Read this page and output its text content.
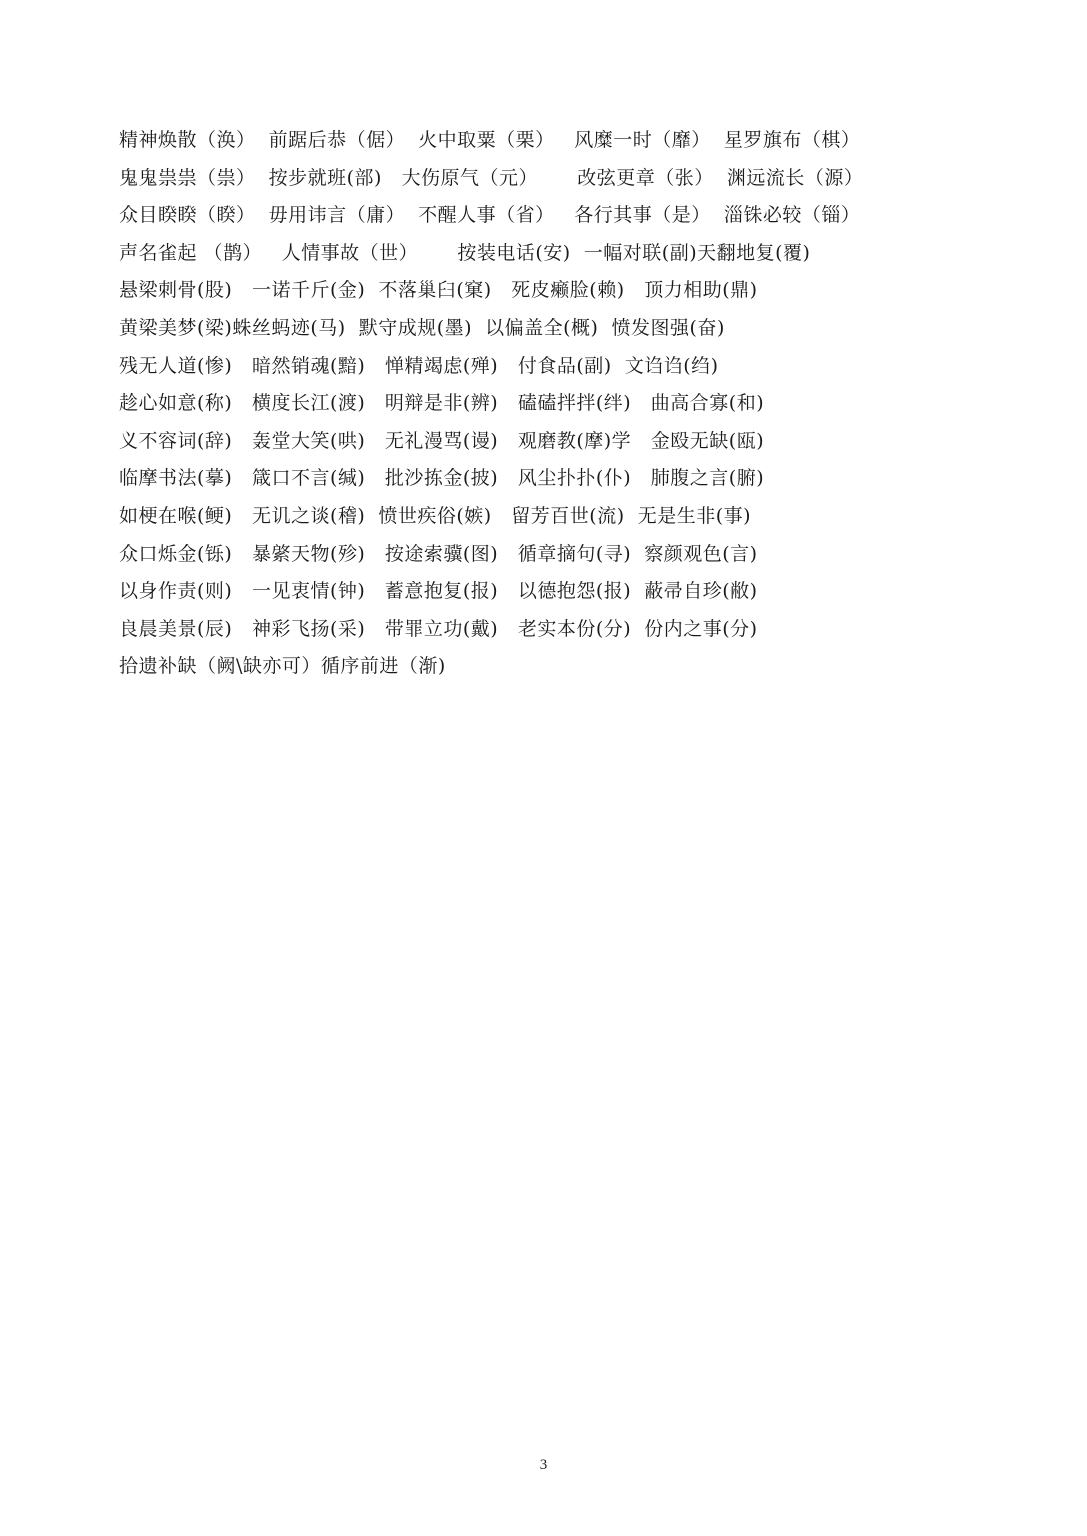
精神焕散（涣）  前踞后恭（倨）  火中取粟（栗）   风糜一时（靡）  星罗旗布（棋）
鬼鬼祟祟（祟）  按步就班(部)   大伤原气（元）      改弦更章（张）  渊远流长（源）
众目睽睽（睽）  毋用讳言（庸）  不醒人事（省）   各行其事（是）  淄铢必较（锱）
声名雀起 （鹊）   人情事故（世）      按装电话(安)  一幅对联(副)天翻地复(覆)
悬梁刺骨(股)   一诺千斤(金)  不落巢臼(窠)   死皮癞脸(赖)   顶力相助(鼎)
黄梁美梦(梁)蛛丝蚂迹(马)  默守成规(墨)  以偏盖全(概)  愤发图强(奋)
残无人道(惨)   暗然销魂(黯)   惮精竭虑(殚)   付食品(副)  文诌诌(绉)
趁心如意(称)   横度长江(渡)   明辩是非(辨)   磕磕拌拌(绊)   曲高合寡(和)
义不容词(辞)   轰堂大笑(哄)   无礼漫骂(谩)   观磨教(摩)学   金殴无缺(瓯)
临摩书法(摹)   箴口不言(缄)   批沙拣金(披)   风尘扑扑(仆)   肺腹之言(腑)
如梗在喉(鲠)   无讥之谈(稽)  愤世疾俗(嫉)   留芳百世(流)  无是生非(事)
众口烁金(铄)   暴綮天物(殄)   按途索骥(图)   循章摘句(寻)  察颜观色(言)
以身作责(则)   一见衷情(钟)   蓄意抱复(报)   以德抱怨(报)  蔽帚自珍(敝)
良晨美景(辰)   神彩飞扬(采)   带罪立功(戴)   老实本份(分)  份内之事(分)
拾遗补缺（阙\缺亦可）循序前进（渐)
3
